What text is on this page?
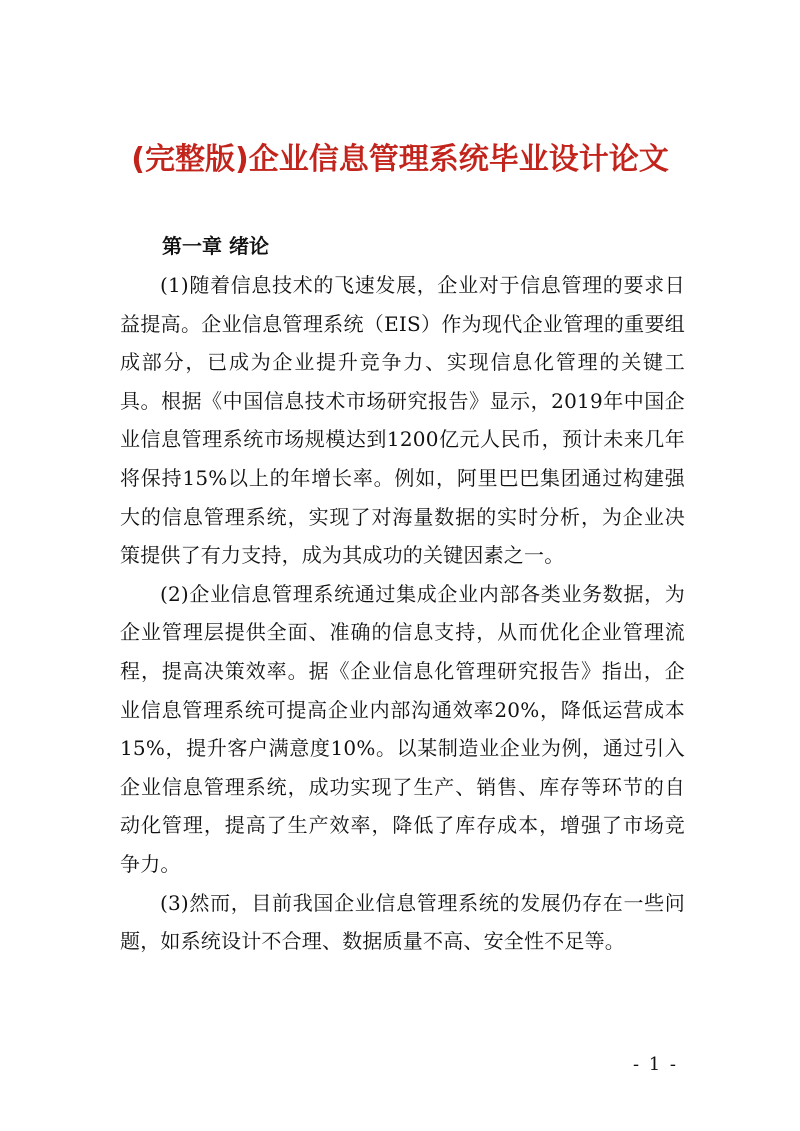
(完整版)企业信息管理系统毕业设计论文
第一章 绪论

(1)随着信息技术的飞速发展，企业对于信息管理的要求日益提高。企业信息管理系统（EIS）作为现代企业管理的重要组成部分，已成为企业提升竞争力、实现信息化管理的关键工具。根据《中国信息技术市场研究报告》显示，2019年中国企业信息管理系统市场规模达到1200亿元人民币，预计未来几年将保持15%以上的年增长率。例如，阿里巴巴集团通过构建强大的信息管理系统，实现了对海量数据的实时分析，为企业决策提供了有力支持，成为其成功的关键因素之一。

(2)企业信息管理系统通过集成企业内部各类业务数据，为企业管理层提供全面、准确的信息支持，从而优化企业管理流程，提高决策效率。据《企业信息化管理研究报告》指出，企业信息管理系统可提高企业内部沟通效率20%，降低运营成本15%，提升客户满意度10%。以某制造业企业为例，通过引入企业信息管理系统，成功实现了生产、销售、库存等环节的自动化管理，提高了生产效率，降低了库存成本，增强了市场竞争力。

(3)然而，目前我国企业信息管理系统的发展仍存在一些问题，如系统设计不合理、数据质量不高、安全性不足等。

- 1 -
